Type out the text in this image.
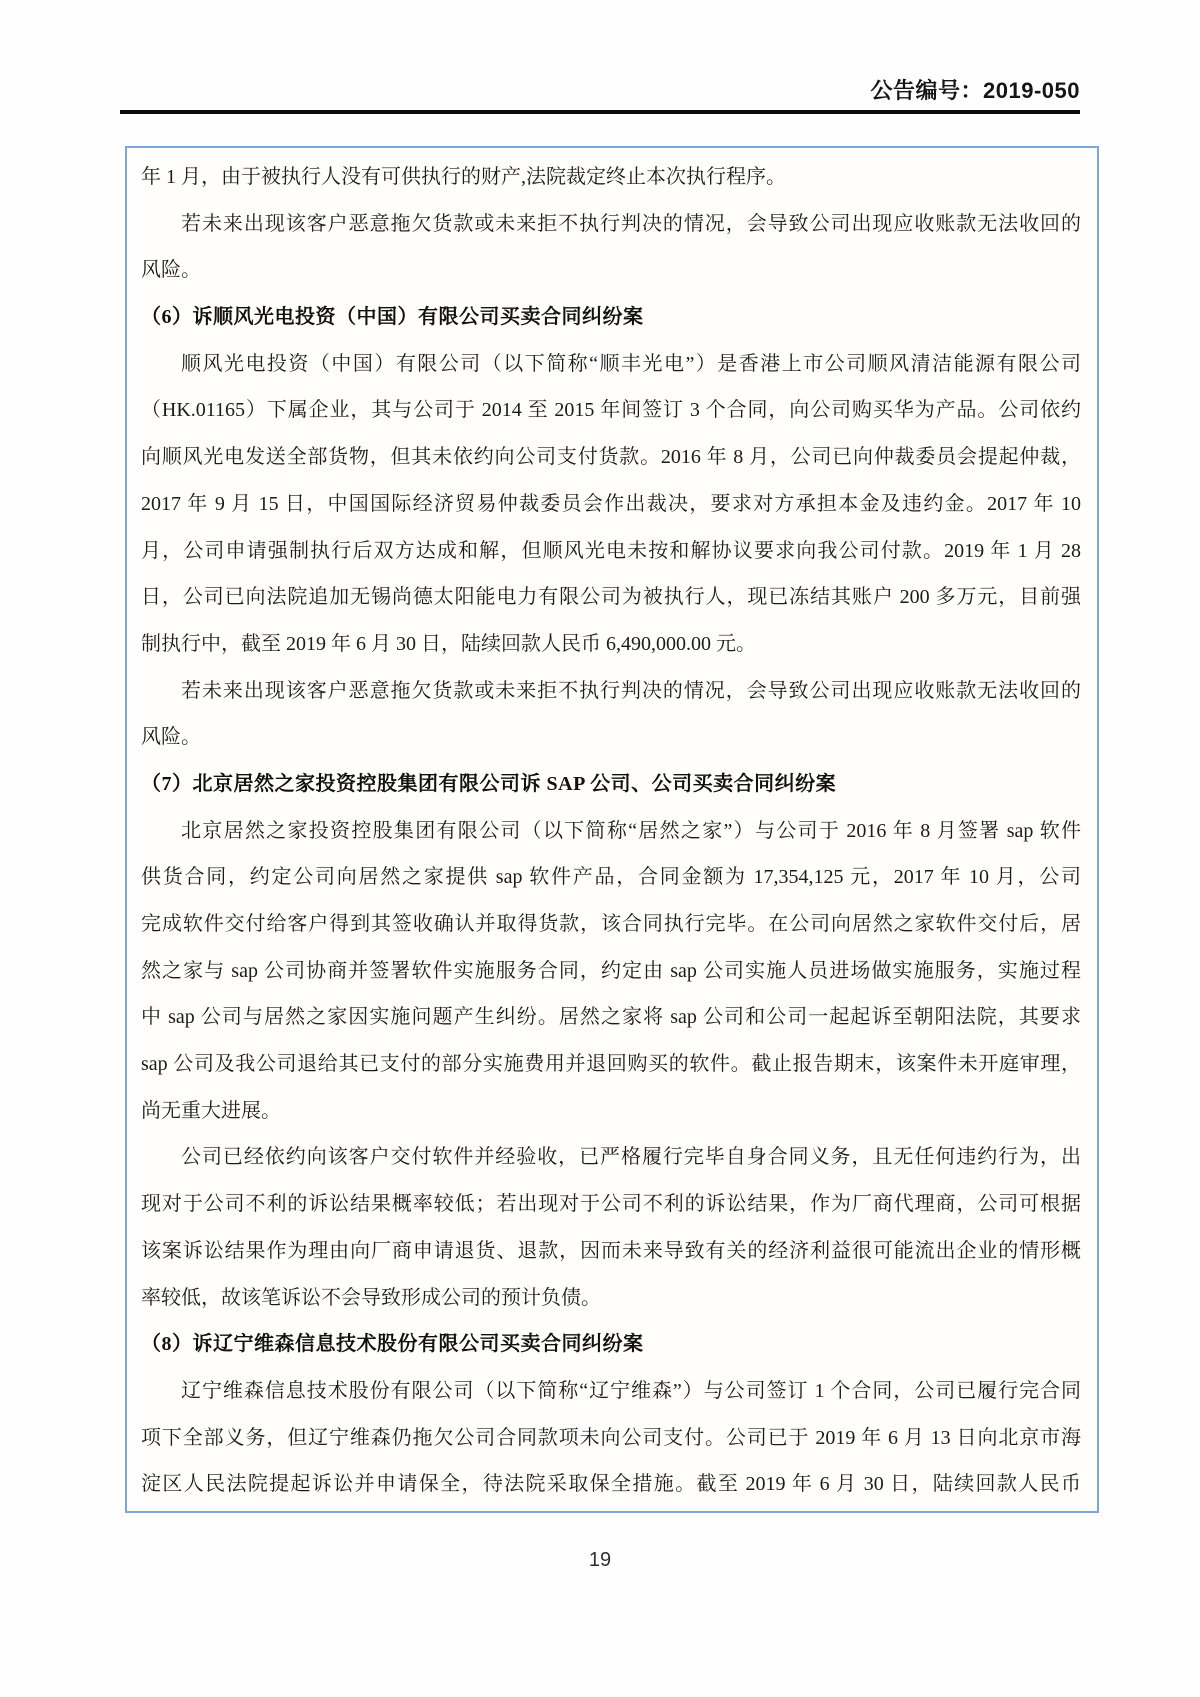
公告编号：2019-050
年 1 月，由于被执行人没有可供执行的财产,法院裁定终止本次执行程序。
若未来出现该客户恶意拖欠货款或未来拒不执行判决的情况，会导致公司出现应收账款无法收回的
风险。
（6）诉顺风光电投资（中国）有限公司买卖合同纠纷案
顺风光电投资（中国）有限公司（以下简称“顺丰光电”）是香港上市公司顺风清洁能源有限公司
（HK.01165）下属企业，其与公司于 2014 至 2015 年间签订 3 个合同，向公司购买华为产品。公司依约
向顺风光电发送全部货物，但其未依约向公司支付货款。2016 年 8 月，公司已向仲裁委员会提起仲裁，
2017 年 9 月 15 日，中国国际经济贸易仲裁委员会作出裁决，要求对方承担本金及违约金。2017 年 10
月，公司申请强制执行后双方达成和解，但顺风光电未按和解协议要求向我公司付款。2019 年 1 月 28
日，公司已向法院追加无锡尚德太阳能电力有限公司为被执行人，现已冻结其账户 200 多万元，目前强
制执行中，截至 2019 年 6 月 30 日，陆续回款人民币 6,490,000.00 元。
若未来出现该客户恶意拖欠货款或未来拒不执行判决的情况，会导致公司出现应收账款无法收回的
风险。
（7）北京居然之家投资控股集团有限公司诉 SAP 公司、公司买卖合同纠纷案
北京居然之家投资控股集团有限公司（以下简称“居然之家”）与公司于 2016 年 8 月签署 sap 软件
供货合同，约定公司向居然之家提供 sap 软件产品，合同金额为 17,354,125 元，2017 年 10 月，公司
完成软件交付给客户得到其签收确认并取得货款，该合同执行完毕。在公司向居然之家软件交付后，居
然之家与 sap 公司协商并签署软件实施服务合同，约定由 sap 公司实施人员进场做实施服务，实施过程
中 sap 公司与居然之家因实施问题产生纠纷。居然之家将 sap 公司和公司一起起诉至朝阳法院，其要求
sap 公司及我公司退给其已支付的部分实施费用并退回购买的软件。截止报告期末，该案件未开庭审理，
尚无重大进展。
公司已经依约向该客户交付软件并经验收，已严格履行完毕自身合同义务，且无任何违约行为，出
现对于公司不利的诉讼结果概率较低；若出现对于公司不利的诉讼结果，作为厂商代理商，公司可根据
该案诉讼结果作为理由向厂商申请退货、退款，因而未来导致有关的经济利益很可能流出企业的情形概
率较低，故该笔诉讼不会导致形成公司的预计负债。
（8）诉辽宁维森信息技术股份有限公司买卖合同纠纷案
辽宁维森信息技术股份有限公司（以下简称“辽宁维森”）与公司签订 1 个合同，公司已履行完合同
项下全部义务，但辽宁维森仍拖欠公司合同款项未向公司支付。公司已于 2019 年 6 月 13 日向北京市海
淀区人民法院提起诉讼并申请保全，待法院采取保全措施。截至 2019 年 6 月 30 日，陆续回款人民币
19
